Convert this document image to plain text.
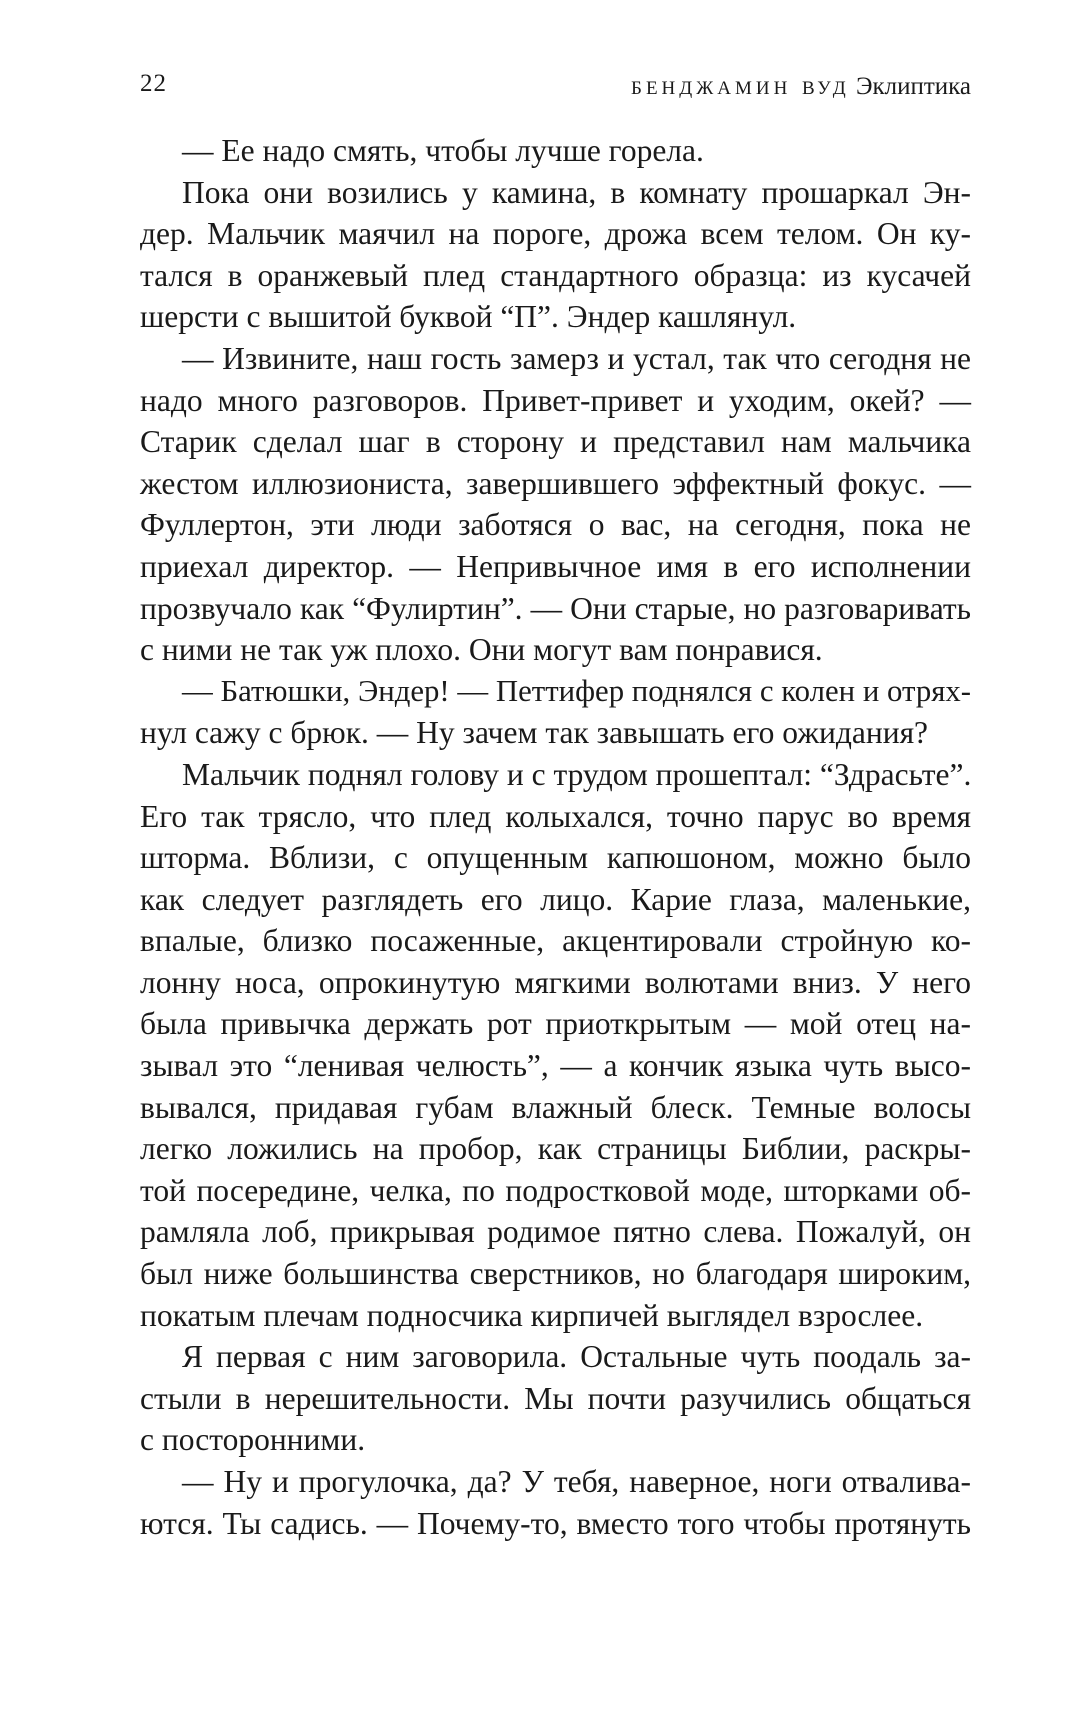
22	бенджамин вуд Эклиптика
— Ее надо смять, чтобы лучше горела.
Пока они возились у камина, в комнату прошаркал Эн-
дер. Мальчик маячил на пороге, дрожа всем телом. Он ку-
тался в оранжевый плед стандартного образца: из кусачей
шерсти с вышитой буквой “П”. Эндер кашлянул.
— Извините, наш гость замерз и устал, так что сегодня не
надо много разговоров. Привет-привет и уходим, окей? —
Старик сделал шаг в сторону и представил нам мальчика
жестом иллюзиониста, завершившего эффектный фокус. —
Фуллертон, эти люди заботяся о вас, на сегодня, пока не
приехал директор. — Непривычное имя в его исполнении
прозвучало как “Фулиртин”. — Они старые, но разговаривать
с ними не так уж плохо. Они могут вам понравися.
— Батюшки, Эндер! — Петтифер поднялся с колен и отрях-
нул сажу с брюк. — Ну зачем так завышать его ожидания?
Мальчик поднял голову и с трудом прошептал: “Здрасьте”.
Его так трясло, что плед колыхался, точно парус во время
шторма. Вблизи, с опущенным капюшоном, можно было
как следует разглядеть его лицо. Карие глаза, маленькие,
впалые, близко посаженные, акцентировали стройную ко-
лонну носа, опрокинутую мягкими волютами вниз. У него
была привычка держать рот приоткрытым — мой отец на-
зывал это “ленивая челюсть”, — а кончик языка чуть высо-
вывался, придавая губам влажный блеск. Темные волосы
легко ложились на пробор, как страницы Библии, раскры-
той посередине, челка, по подростковой моде, шторками об-
рамляла лоб, прикрывая родимое пятно слева. Пожалуй, он
был ниже большинства сверстников, но благодаря широким,
покатым плечам подносчика кирпичей выглядел взрослее.
Я первая с ним заговорила. Остальные чуть поодаль за-
стыли в нерешительности. Мы почти разучились общаться
с посторонними.
— Ну и прогулочка, да? У тебя, наверное, ноги отвалива-
ются. Ты садись. — Почему-то, вместо того чтобы протянуть
